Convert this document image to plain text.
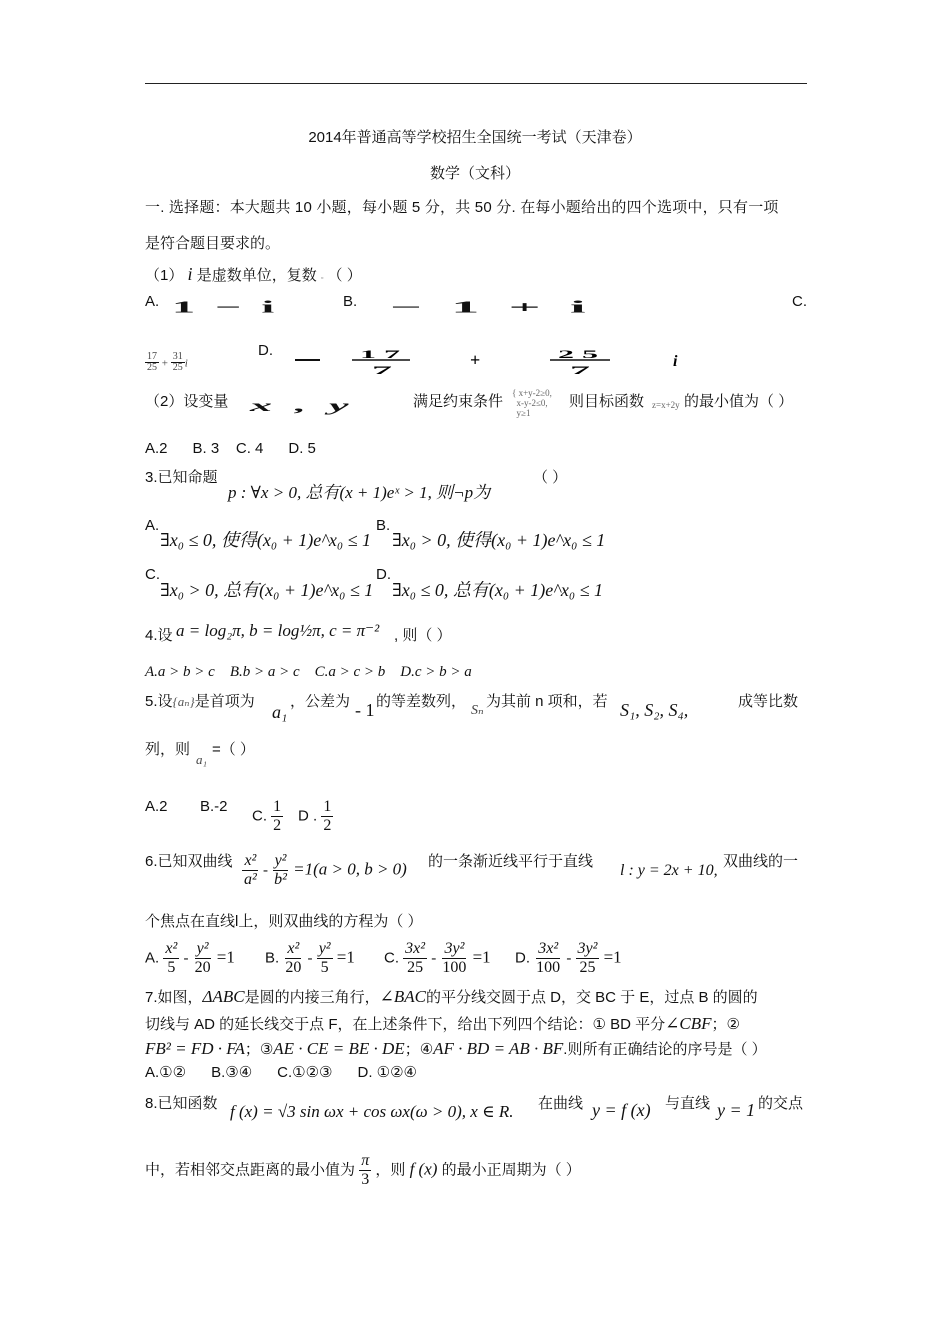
2014年普通高等学校招生全国统一考试（天津卷）
数学（文科）
一. 选择题：本大题共 10 小题，每小题 5 分，共 50 分. 在每小题给出的四个选项中，只有一项
是符合题目要求的。
（1） i 是虚数单位，复数 ▫ （ ）
A. 1 − i	B. − 1 + i	C.
$\frac{17}{25} + \frac{31}{25}$ i
D.	1 7
7	+	2 5
7	i
（2）设变量 x , y	满足约束条件 { x+y-2≥0,
x-y-2≤0,
y≥1
则目标函数 z=x+2y 的最小值为（ ）
A.2      B. 3    C. 4      D. 5
3.已知命题
p : ∀x > 0, 总有(x + 1)eˣ > 1, 则¬p为
（ ）
A.
∃x₀ ≤ 0, 使得(x₀ + 1)e^x₀ ≤ 1
B.
∃x₀ > 0, 使得(x₀ + 1)e^x₀ ≤ 1
C.
∃x₀ > 0, 总有(x₀ + 1)e^x₀ ≤ 1
D.
∃x₀ ≤ 0, 总有(x₀ + 1)e^x₀ ≤ 1
4.设 a = log₂π, b = log½π, c = π⁻² , 则（ ）
A.a > b > c    B.b > a > c    C.a > c > b    D.c > b > a
5.设{aₙ}是首项为
a₁
，公差为 - 1 的等差数列，
Sₙ
为其前 n 项和，若 S₁, S₂, S₄,	成等比数
列，则
a₁
=（ ）
A.2 B.-2
C. $\frac{1}{2}$ D . $\frac{1}{2}$
6.已知双曲线 $\frac{\text{x²}}{\text{a²}} - \frac{\text{y²}}{\text{b²}} =1(a > 0$, b > 0) 的一条渐近线平行于直线
l : y = 2x + 10,
双曲线的一
个焦点在直线l上，则双曲线的方程为（ ）
A. $\frac{\text{x²}}{5} - \frac{\text{y²}}{20} =1$ B. $\frac{\text{x²}}{20} - \frac{\text{y²}}{5} =1$ C. $\frac{\text{3x²}}{25} - \frac{\text{3y²}}{100} =1$ D. $\frac{\text{3x²}}{100} - \frac{\text{3y²}}{25} =1$
7.如图，ΔABC是圆的内接三角行，∠BAC的平分线交圆于点 D，交 BC 于 E，过点 B 的圆的
切线与 AD 的延长线交于点 F，在上述条件下，给出下列四个结论：① BD 平分∠CBF；②
FB² = FD · FA；③AE · CE = BE · DE；④AF · BD = AB · BF.则所有正确结论的序号是（ ）
A.①②      B.③④      C.①②③      D. ①②④
8.已知函数 f (x) = √3 sin ωx + cos ωx(ω > 0), x ∈ R. 在曲线 y = f (x) 与直线 y = 1 的交点
中，若相邻交点距离的最小值为 $\frac{\pi}{3}$ ，则 f (x) 的最小正周期为（ ）
